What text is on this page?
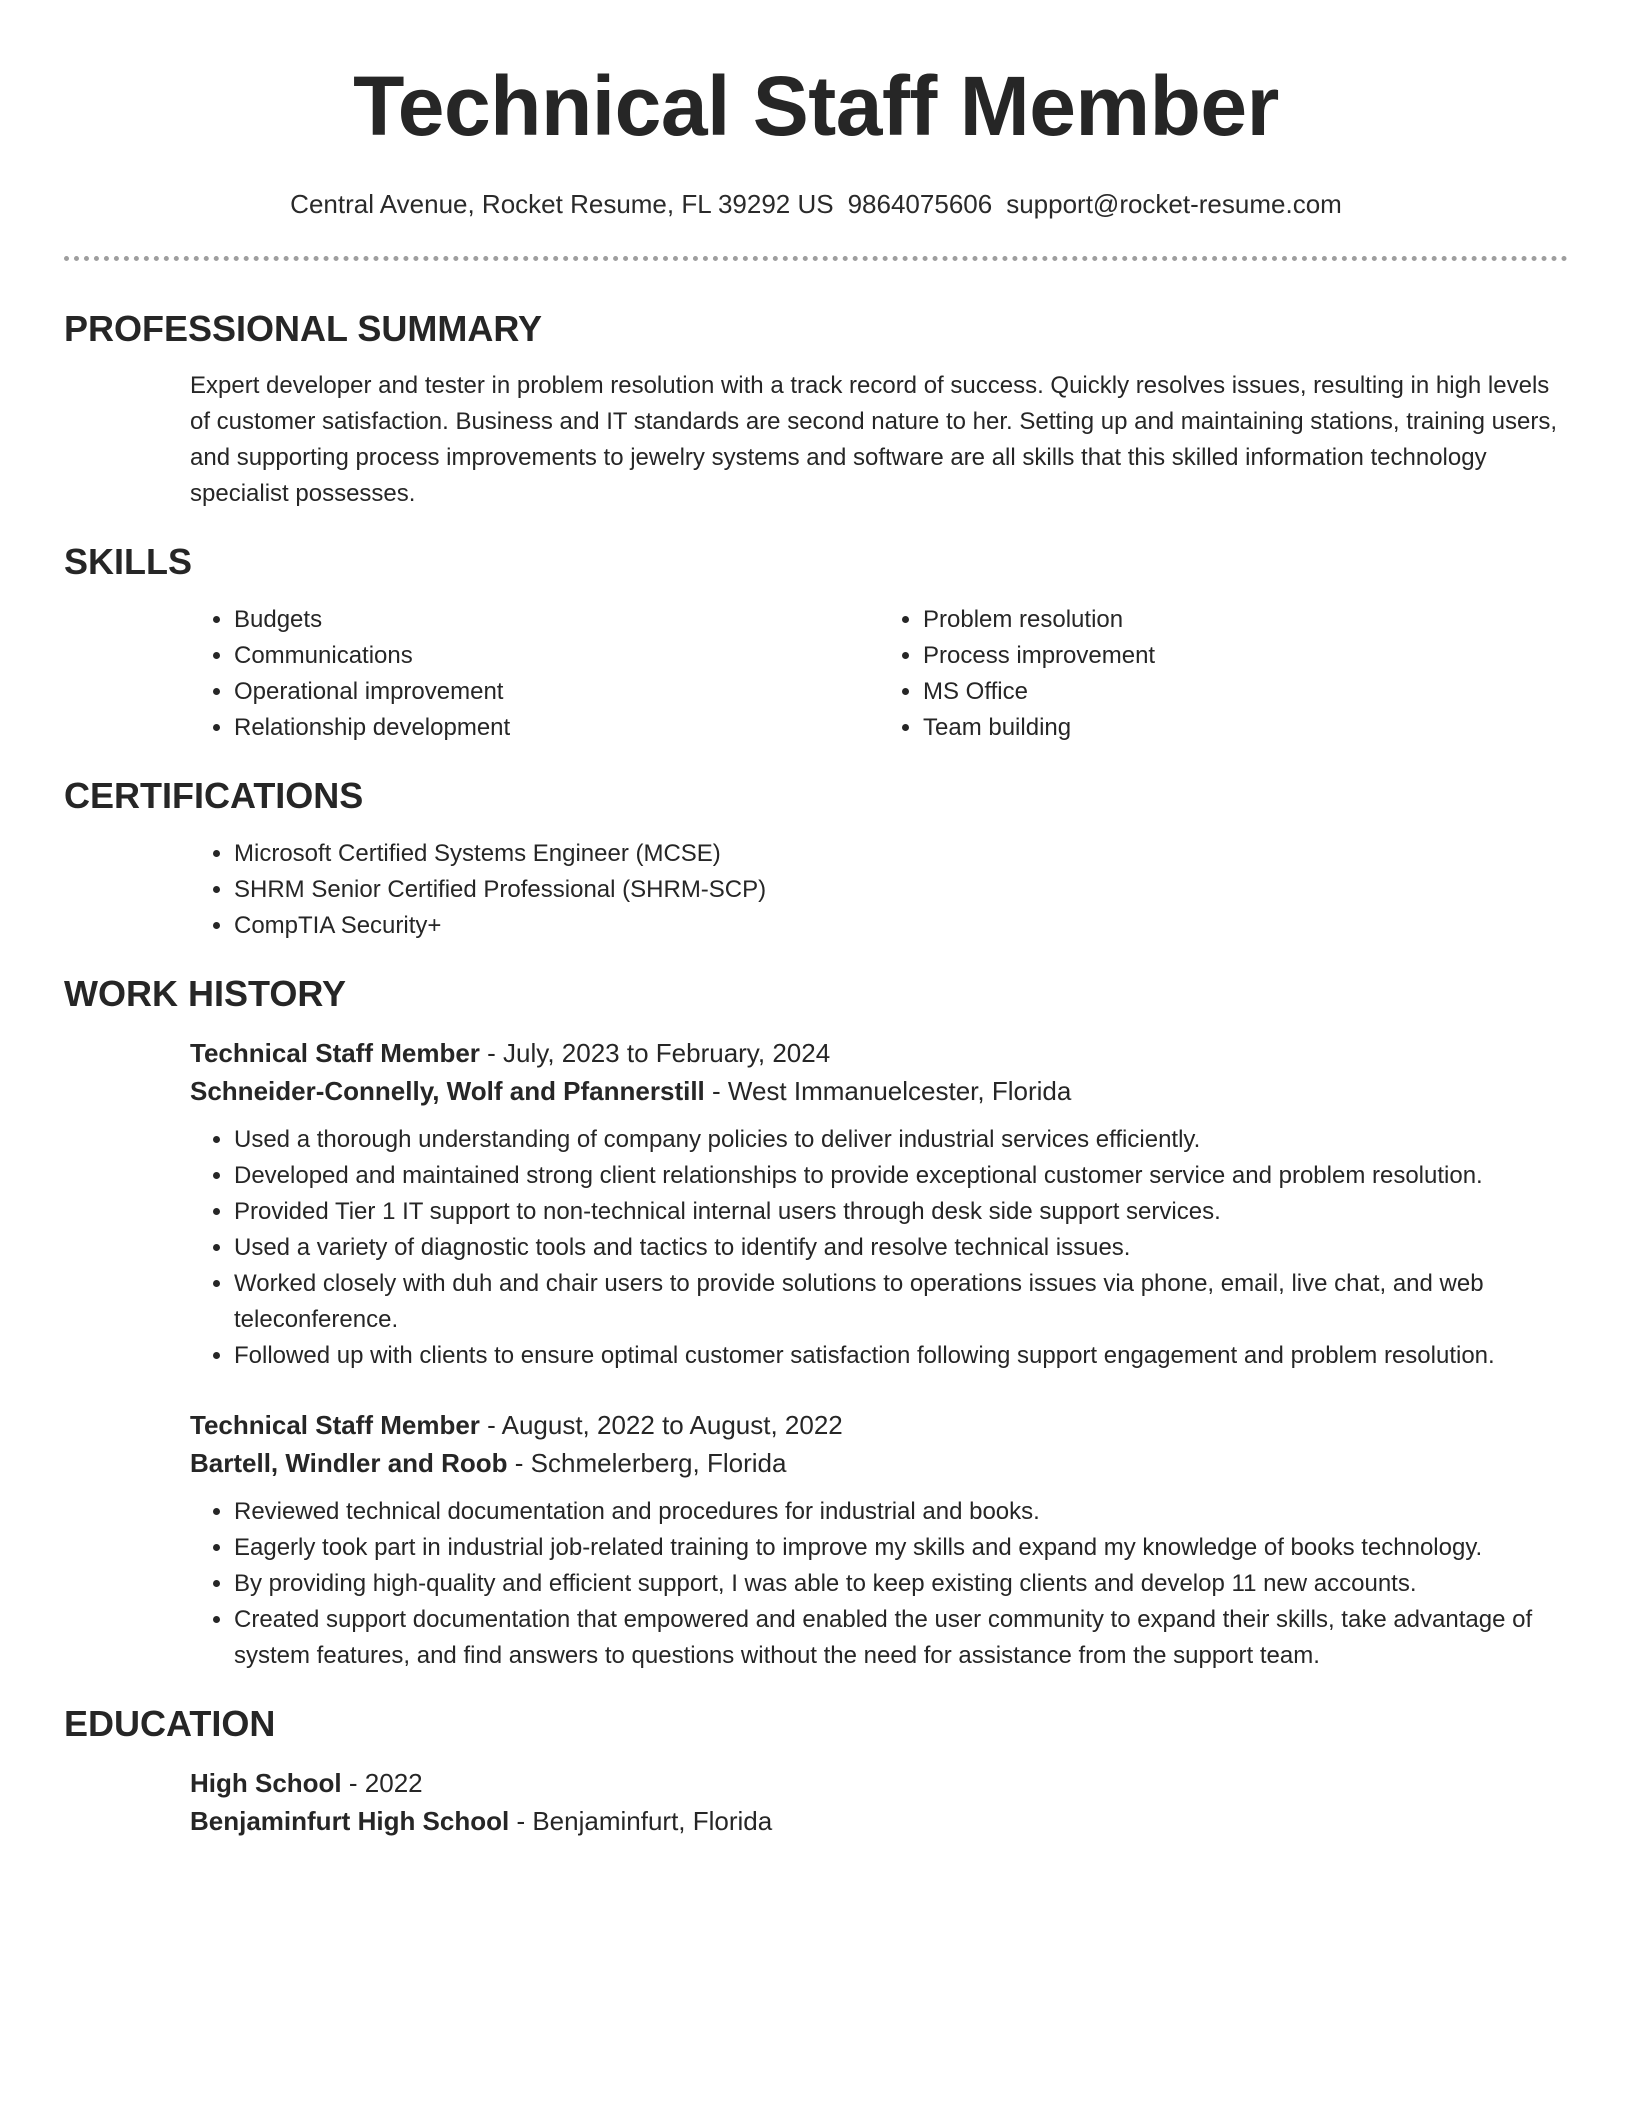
Technical Staff Member
Central Avenue, Rocket Resume, FL 39292 US 9864075606 support@rocket-resume.com
PROFESSIONAL SUMMARY

Expert developer and tester in problem resolution with a track record of success. Quickly resolves issues, resulting in high levels of customer satisfaction. Business and IT standards are second nature to her. Setting up and maintaining stations, training users, and supporting process improvements to jewelry systems and software are all skills that this skilled information technology specialist possesses.

SKILLS
• Budgets
• Communications
• Operational improvement
• Relationship development
• Problem resolution
• Process improvement
• MS Office
• Team building
CERTIFICATIONS
• Microsoft Certified Systems Engineer (MCSE)
• SHRM Senior Certified Professional (SHRM-SCP)
• CompTIA Security+
WORK HISTORY
Technical Staff Member - July, 2023 to February, 2024
Schneider-Connelly, Wolf and Pfannerstill - West Immanuelcester, Florida
• Used a thorough understanding of company policies to deliver industrial services efficiently.
• Developed and maintained strong client relationships to provide exceptional customer service and problem resolution.
• Provided Tier 1 IT support to non-technical internal users through desk side support services.
• Used a variety of diagnostic tools and tactics to identify and resolve technical issues.
• Worked closely with duh and chair users to provide solutions to operations issues via phone, email, live chat, and web teleconference.
• Followed up with clients to ensure optimal customer satisfaction following support engagement and problem resolution.
Technical Staff Member - August, 2022 to August, 2022
Bartell, Windler and Roob - Schmelerberg, Florida
• Reviewed technical documentation and procedures for industrial and books.
• Eagerly took part in industrial job-related training to improve my skills and expand my knowledge of books technology.
• By providing high-quality and efficient support, I was able to keep existing clients and develop 11 new accounts.
• Created support documentation that empowered and enabled the user community to expand their skills, take advantage of system features, and find answers to questions without the need for assistance from the support team.
EDUCATION
High School - 2022
Benjaminfurt High School - Benjaminfurt, Florida
